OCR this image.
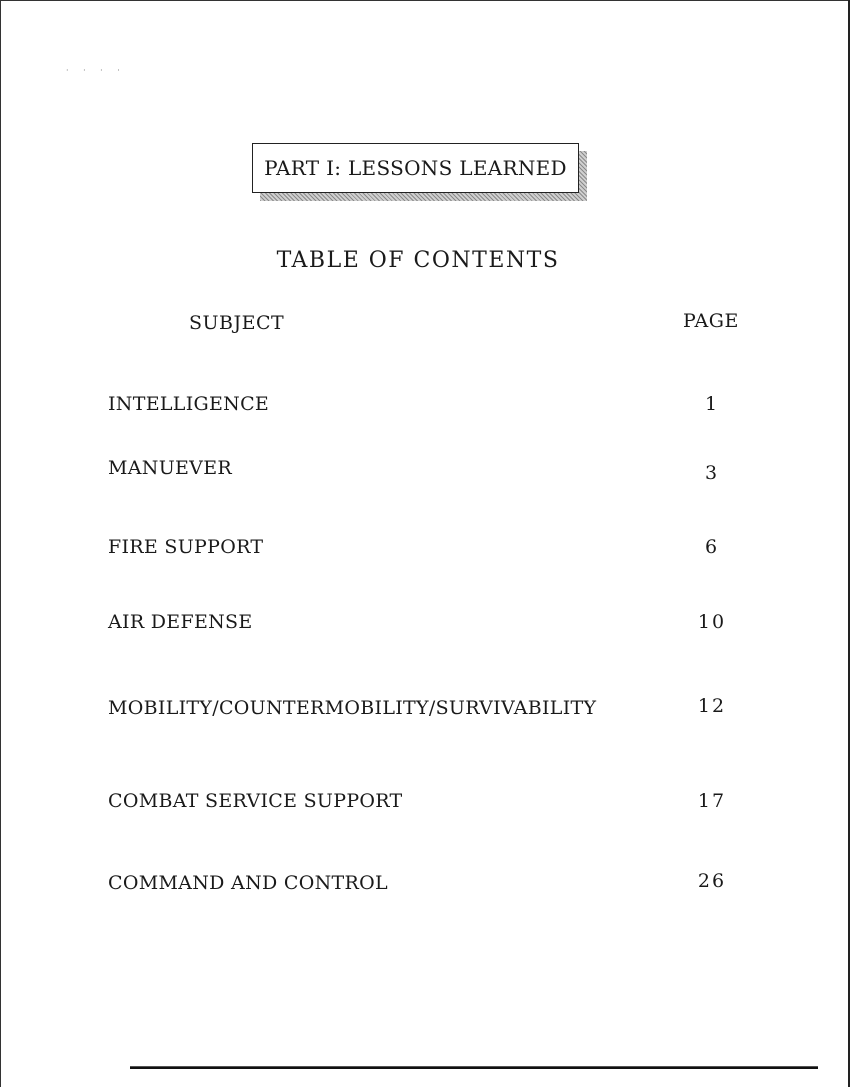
· · · ·
PART I: LESSONS LEARNED
TABLE OF CONTENTS
SUBJECT	PAGE
INTELLIGENCE	1
MANUEVER	3
FIRE SUPPORT	6
AIR DEFENSE	10
MOBILITY/COUNTERMOBILITY/SURVIVABILITY	12
COMBAT SERVICE SUPPORT	17
COMMAND AND CONTROL	26
